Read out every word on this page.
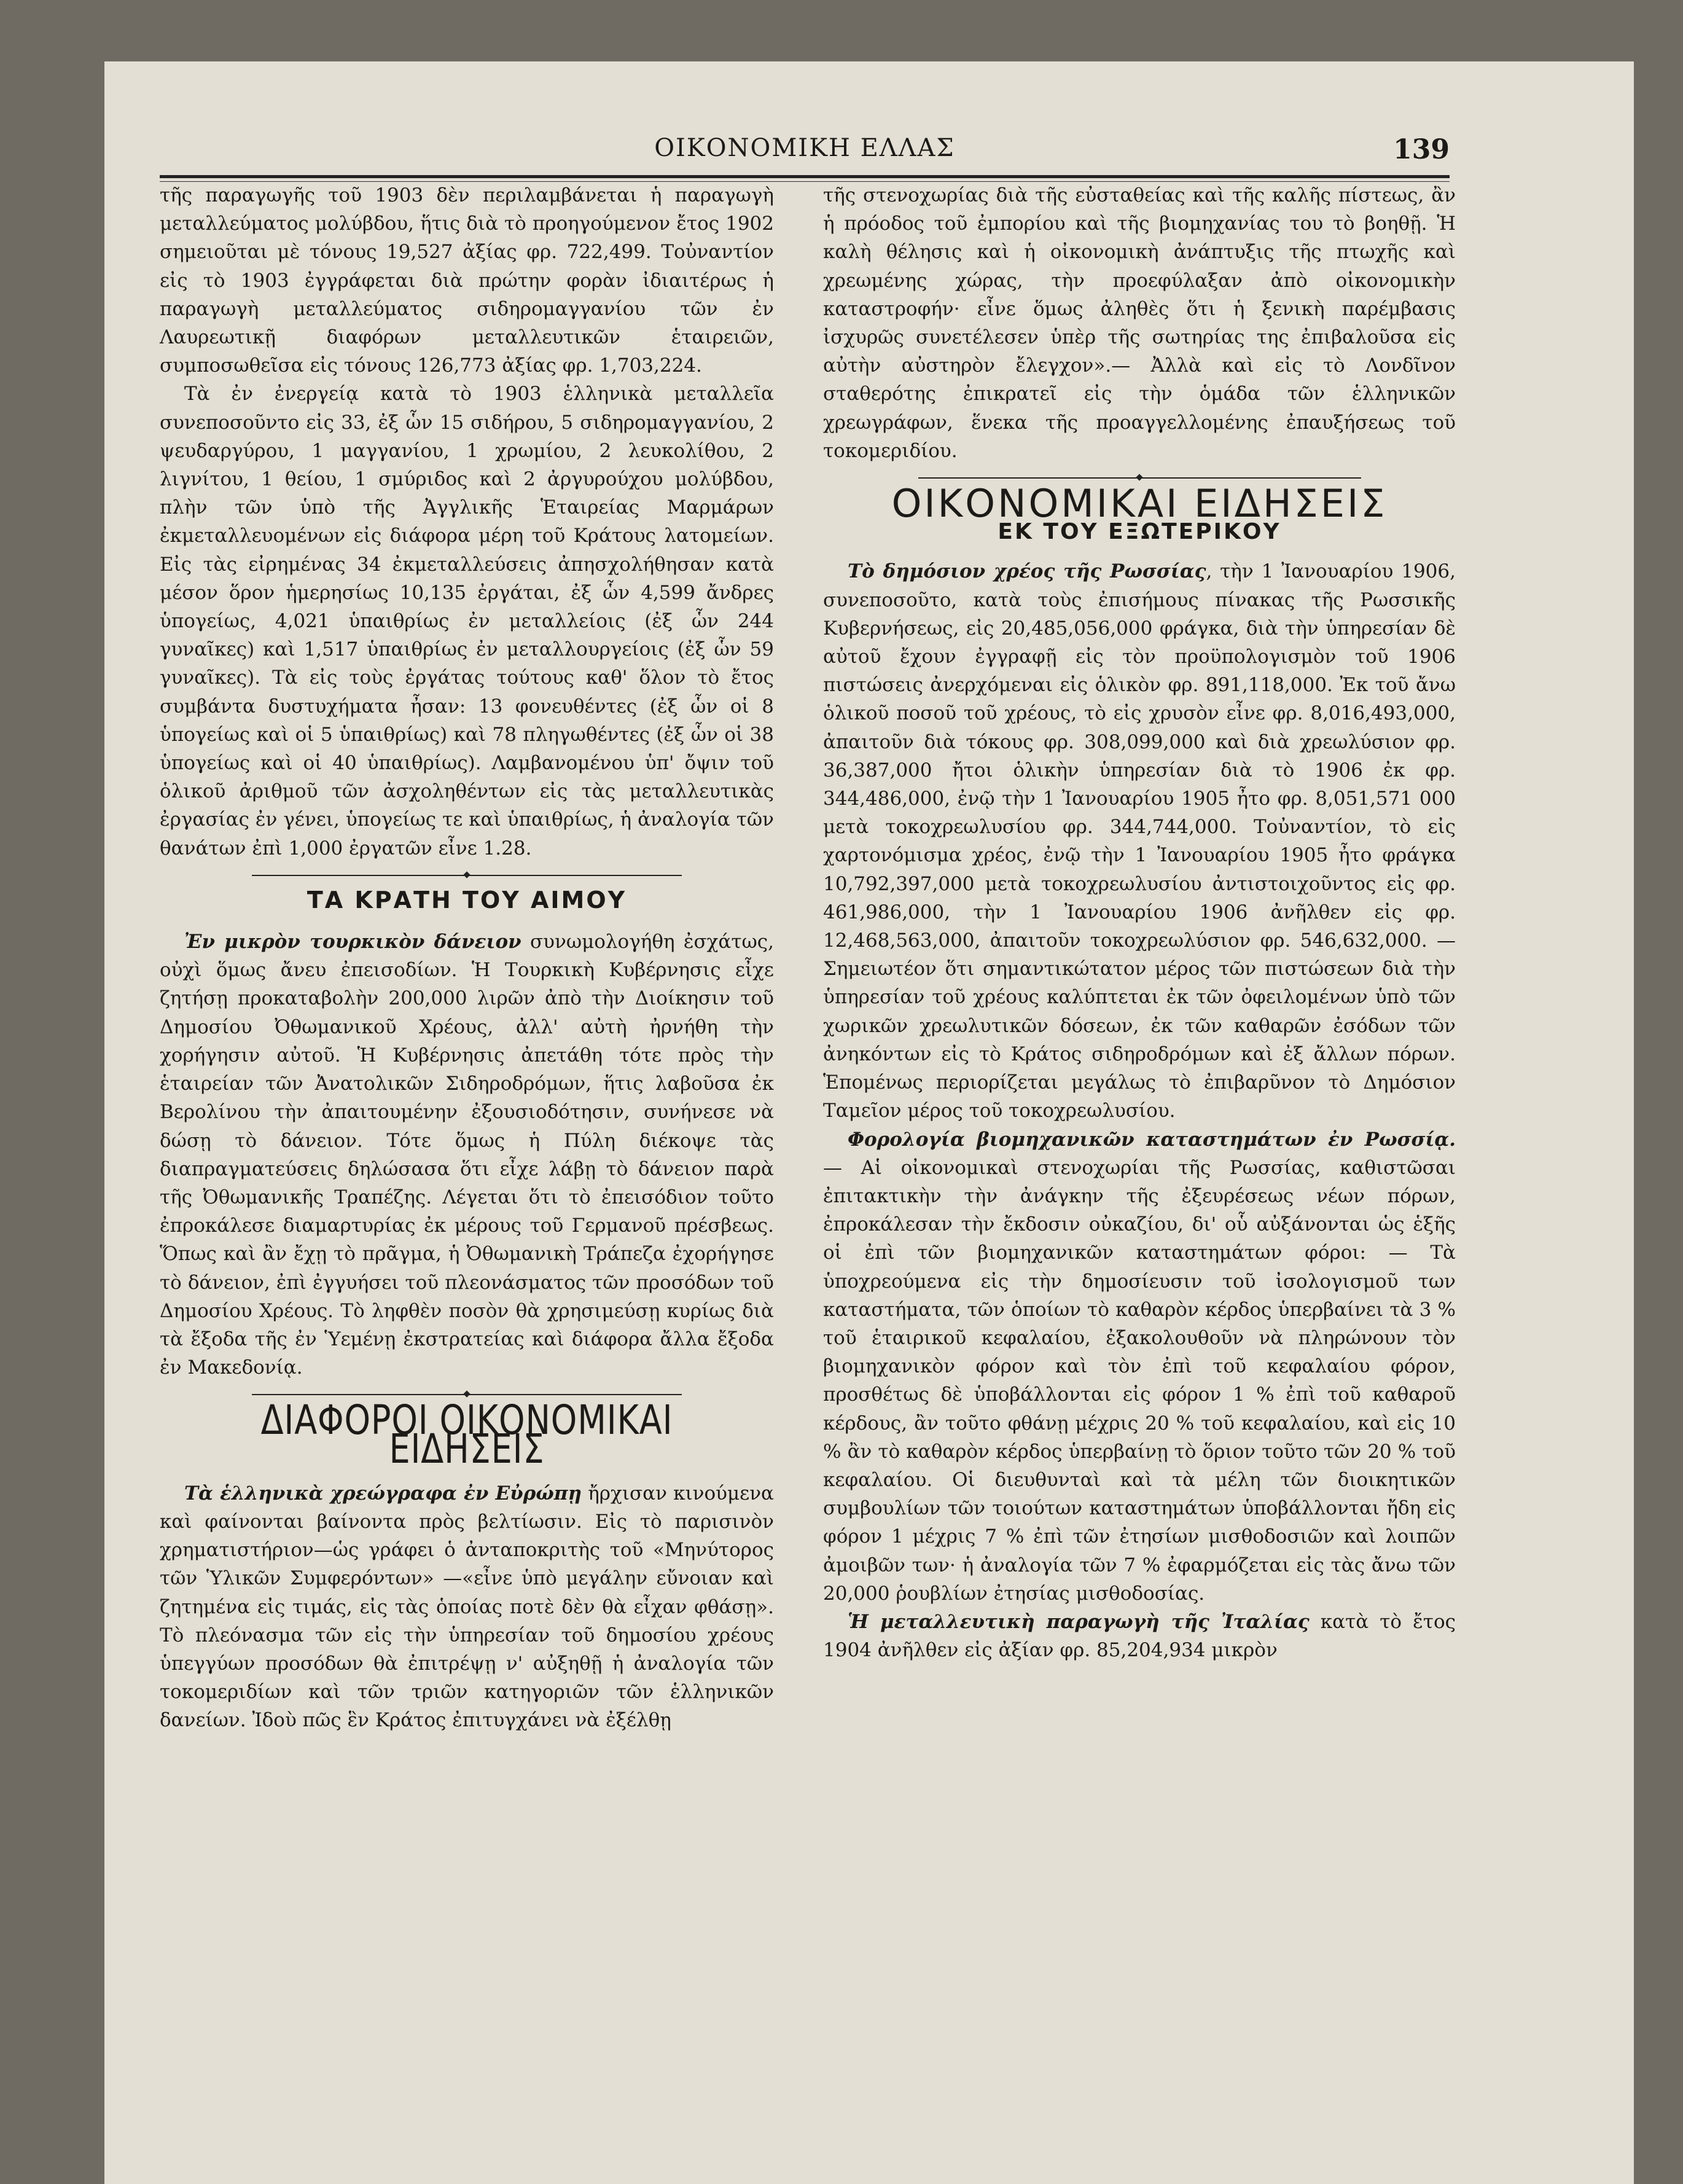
ΟΙΚΟΝΟΜΙΚΗ ΕΛΛΑΣ	139

τῆς παραγωγῆς τοῦ 1903 δὲν περιλαμβάνεται ἡ παραγωγὴ μεταλλεύματος μολύβδου, ἥτις διὰ τὸ προηγούμενον ἔτος 1902 σημειοῦται μὲ τόνους 19,527 ἀξίας φρ. 722,499. Τοὐναντίον εἰς τὸ 1903 ἐγγράφεται διὰ πρώτην φορὰν ἰδιαιτέρως ἡ παραγωγὴ μεταλλεύματος σιδηρομαγγανίου τῶν ἐν Λαυρεωτικῇ διαφόρων μεταλλευτικῶν ἑταιρειῶν, συμποσωθεῖσα εἰς τόνους 126,773 ἀξίας φρ. 1,703,224.

Τὰ ἐν ἐνεργείᾳ κατὰ τὸ 1903 ἑλληνικὰ μεταλλεῖα συνεποσοῦντο εἰς 33, ἐξ ὧν 15 σιδήρου, 5 σιδηρομαγγανίου, 2 ψευδαργύρου, 1 μαγγανίου, 1 χρωμίου, 2 λευκολίθου, 2 λιγνίτου, 1 θείου, 1 σμύριδος καὶ 2 ἀργυρούχου μολύβδου, πλὴν τῶν ὑπὸ τῆς Ἀγγλικῆς Ἑταιρείας Μαρμάρων ἐκμεταλλευομένων εἰς διάφορα μέρη τοῦ Κράτους λατομείων. Εἰς τὰς εἰρημένας 34 ἐκμεταλλεύσεις ἀπησχολήθησαν κατὰ μέσον ὅρον ἡμερησίως 10,135 ἐργάται, ἐξ ὧν 4,599 ἄνδρες ὑπογείως, 4,021 ὑπαιθρίως ἐν μεταλλείοις (ἐξ ὧν 244 γυναῖκες) καὶ 1,517 ὑπαιθρίως ἐν μεταλλουργείοις (ἐξ ὧν 59 γυναῖκες). Τὰ εἰς τοὺς ἐργάτας τούτους καθ' ὅλον τὸ ἔτος συμβάντα δυστυχήματα ἦσαν: 13 φονευθέντες (ἐξ ὧν οἱ 8 ὑπογείως καὶ οἱ 5 ὑπαιθρίως) καὶ 78 πληγωθέντες (ἐξ ὧν οἱ 38 ὑπογείως καὶ οἱ 40 ὑπαιθρίως). Λαμβανομένου ὑπ' ὄψιν τοῦ ὁλικοῦ ἀριθμοῦ τῶν ἀσχοληθέντων εἰς τὰς μεταλλευτικὰς ἐργασίας ἐν γένει, ὑπογείως τε καὶ ὑπαιθρίως, ἡ ἀναλογία τῶν θανάτων ἐπὶ 1,000 ἐργατῶν εἶνε 1.28.

ΤΑ ΚΡΑΤΗ ΤΟΥ ΑΙΜΟΥ

Ἐν μικρὸν τουρκικὸν δάνειον συνωμολογήθη ἐσχάτως, οὐχὶ ὅμως ἄνευ ἐπεισοδίων. Ἡ Τουρκικὴ Κυβέρνησις εἶχε ζητήσῃ προκαταβολὴν 200,000 λιρῶν ἀπὸ τὴν Διοίκησιν τοῦ Δημοσίου Ὀθωμανικοῦ Χρέους, ἀλλ' αὐτὴ ἠρνήθη τὴν χορήγησιν αὐτοῦ. Ἡ Κυβέρνησις ἀπετάθη τότε πρὸς τὴν ἑταιρείαν τῶν Ἀνατολικῶν Σιδηροδρόμων, ἥτις λαβοῦσα ἐκ Βερολίνου τὴν ἀπαιτουμένην ἐξουσιοδότησιν, συνήνεσε νὰ δώσῃ τὸ δάνειον. Τότε ὅμως ἡ Πύλη διέκοψε τὰς διαπραγματεύσεις δηλώσασα ὅτι εἶχε λάβῃ τὸ δάνειον παρὰ τῆς Ὀθωμανικῆς Τραπέζης. Λέγεται ὅτι τὸ ἐπεισόδιον τοῦτο ἐπροκάλεσε διαμαρτυρίας ἐκ μέρους τοῦ Γερμανοῦ πρέσβεως. Ὅπως καὶ ἂν ἔχῃ τὸ πρᾶγμα, ἡ Ὀθωμανικὴ Τράπεζα ἐχορήγησε τὸ δάνειον, ἐπὶ ἐγγυήσει τοῦ πλεονάσματος τῶν προσόδων τοῦ Δημοσίου Χρέους. Τὸ ληφθὲν ποσὸν θὰ χρησιμεύσῃ κυρίως διὰ τὰ ἔξοδα τῆς ἐν Ὑεμένῃ ἐκστρατείας καὶ διάφορα ἄλλα ἔξοδα ἐν Μακεδονίᾳ.

ΔΙΑΦΟΡΟΙ ΟΙΚΟΝΟΜΙΚΑΙ ΕΙΔΗΣΕΙΣ

Τὰ ἑλληνικὰ χρεώγραφα ἐν Εὐρώπῃ ἤρχισαν κινούμενα καὶ φαίνονται βαίνοντα πρὸς βελτίωσιν. Εἰς τὸ παρισινὸν χρηματιστήριον—ὡς γράφει ὁ ἀνταποκριτὴς τοῦ «Μηνύτορος τῶν Ὑλικῶν Συμφερόντων» —«εἶνε ὑπὸ μεγάλην εὔνοιαν καὶ ζητημένα εἰς τιμάς, εἰς τὰς ὁποίας ποτὲ δὲν θὰ εἶχαν φθάσῃ». Τὸ πλεόνασμα τῶν εἰς τὴν ὑπηρεσίαν τοῦ δημοσίου χρέους ὑπεγγύων προσόδων θὰ ἐπιτρέψῃ ν' αὐξηθῇ ἡ ἀναλογία τῶν τοκομεριδίων καὶ τῶν τριῶν κατηγοριῶν τῶν ἑλληνικῶν δανείων. Ἰδοὺ πῶς ἓν Κράτος ἐπιτυγχάνει νὰ ἐξέλθῃ

τῆς στενοχωρίας διὰ τῆς εὐσταθείας καὶ τῆς καλῆς πίστεως, ἂν ἡ πρόοδος τοῦ ἐμπορίου καὶ τῆς βιομηχανίας του τὸ βοηθῇ. Ἡ καλὴ θέλησις καὶ ἡ οἰκονομικὴ ἀνάπτυξις τῆς πτωχῆς καὶ χρεωμένης χώρας, τὴν προεφύλαξαν ἀπὸ οἰκονομικὴν καταστροφήν· εἶνε ὅμως ἀληθὲς ὅτι ἡ ξενικὴ παρέμβασις ἰσχυρῶς συνετέλεσεν ὑπὲρ τῆς σωτηρίας της ἐπιβαλοῦσα εἰς αὐτὴν αὐστηρὸν ἔλεγχον».— Ἀλλὰ καὶ εἰς τὸ Λονδῖνον σταθερότης ἐπικρατεῖ εἰς τὴν ὁμάδα τῶν ἑλληνικῶν χρεωγράφων, ἕνεκα τῆς προαγγελλομένης ἐπαυξήσεως τοῦ τοκομεριδίου.

ΟΙΚΟΝΟΜΙΚΑΙ ΕΙΔΗΣΕΙΣ
ΕΚ ΤΟΥ ΕΞΩΤΕΡΙΚΟΥ

Τὸ δημόσιον χρέος τῆς Ρωσσίας, τὴν 1 Ἰανουαρίου 1906, συνεποσοῦτο, κατὰ τοὺς ἐπισήμους πίνακας τῆς Ρωσσικῆς Κυβερνήσεως, εἰς 20,485,056,000 φράγκα, διὰ τὴν ὑπηρεσίαν δὲ αὐτοῦ ἔχουν ἐγγραφῇ εἰς τὸν προϋπολογισμὸν τοῦ 1906 πιστώσεις ἀνερχόμεναι εἰς ὁλικὸν φρ. 891,118,000. Ἐκ τοῦ ἄνω ὁλικοῦ ποσοῦ τοῦ χρέους, τὸ εἰς χρυσὸν εἶνε φρ. 8,016,493,000, ἀπαιτοῦν διὰ τόκους φρ. 308,099,000 καὶ διὰ χρεωλύσιον φρ. 36,387,000 ἤτοι ὁλικὴν ὑπηρεσίαν διὰ τὸ 1906 ἐκ φρ. 344,486,000, ἐνῷ τὴν 1 Ἰανουαρίου 1905 ἦτο φρ. 8,051,571 000 μετὰ τοκοχρεωλυσίου φρ. 344,744,000. Τοὐναντίον, τὸ εἰς χαρτονόμισμα χρέος, ἐνῷ τὴν 1 Ἰανουαρίου 1905 ἦτο φράγκα 10,792,397,000 μετὰ τοκοχρεωλυσίου ἀντιστοιχοῦντος εἰς φρ. 461,986,000, τὴν 1 Ἰανουαρίου 1906 ἀνῆλθεν εἰς φρ. 12,468,563,000, ἀπαιτοῦν τοκοχρεωλύσιον φρ. 546,632,000. — Σημειωτέον ὅτι σημαντικώτατον μέρος τῶν πιστώσεων διὰ τὴν ὑπηρεσίαν τοῦ χρέους καλύπτεται ἐκ τῶν ὀφειλομένων ὑπὸ τῶν χωρικῶν χρεωλυτικῶν δόσεων, ἐκ τῶν καθαρῶν ἐσόδων τῶν ἀνηκόντων εἰς τὸ Κράτος σιδηροδρόμων καὶ ἐξ ἄλλων πόρων. Ἑπομένως περιορίζεται μεγάλως τὸ ἐπιβαρῦνον τὸ Δημόσιον Ταμεῖον μέρος τοῦ τοκοχρεωλυσίου.

Φορολογία βιομηχανικῶν καταστημάτων ἐν Ρωσσίᾳ. — Αἱ οἰκονομικαὶ στενοχωρίαι τῆς Ρωσσίας, καθιστῶσαι ἐπιτακτικὴν τὴν ἀνάγκην τῆς ἐξευρέσεως νέων πόρων, ἐπροκάλεσαν τὴν ἔκδοσιν οὐκαζίου, δι' οὗ αὐξάνονται ὡς ἑξῆς οἱ ἐπὶ τῶν βιομηχανικῶν καταστημάτων φόροι: — Τὰ ὑποχρεούμενα εἰς τὴν δημοσίευσιν τοῦ ἰσολογισμοῦ των καταστήματα, τῶν ὁποίων τὸ καθαρὸν κέρδος ὑπερβαίνει τὰ 3 % τοῦ ἑταιρικοῦ κεφαλαίου, ἐξακολουθοῦν νὰ πληρώνουν τὸν βιομηχανικὸν φόρον καὶ τὸν ἐπὶ τοῦ κεφαλαίου φόρον, προσθέτως δὲ ὑποβάλλονται εἰς φόρον 1 % ἐπὶ τοῦ καθαροῦ κέρδους, ἂν τοῦτο φθάνῃ μέχρις 20 % τοῦ κεφαλαίου, καὶ εἰς 10 % ἂν τὸ καθαρὸν κέρδος ὑπερβαίνῃ τὸ ὅριον τοῦτο τῶν 20 % τοῦ κεφαλαίου. Οἱ διευθυνταὶ καὶ τὰ μέλη τῶν διοικητικῶν συμβουλίων τῶν τοιούτων καταστημάτων ὑποβάλλονται ἤδη εἰς φόρον 1 μέχρις 7 % ἐπὶ τῶν ἐτησίων μισθοδοσιῶν καὶ λοιπῶν ἀμοιβῶν των· ἡ ἀναλογία τῶν 7 % ἐφαρμόζεται εἰς τὰς ἄνω τῶν 20,000 ῥουβλίων ἐτησίας μισθοδοσίας.

Ἡ μεταλλευτικὴ παραγωγὴ τῆς Ἰταλίας κατὰ τὸ ἔτος 1904 ἀνῆλθεν εἰς ἀξίαν φρ. 85,204,934 μικρὸν
